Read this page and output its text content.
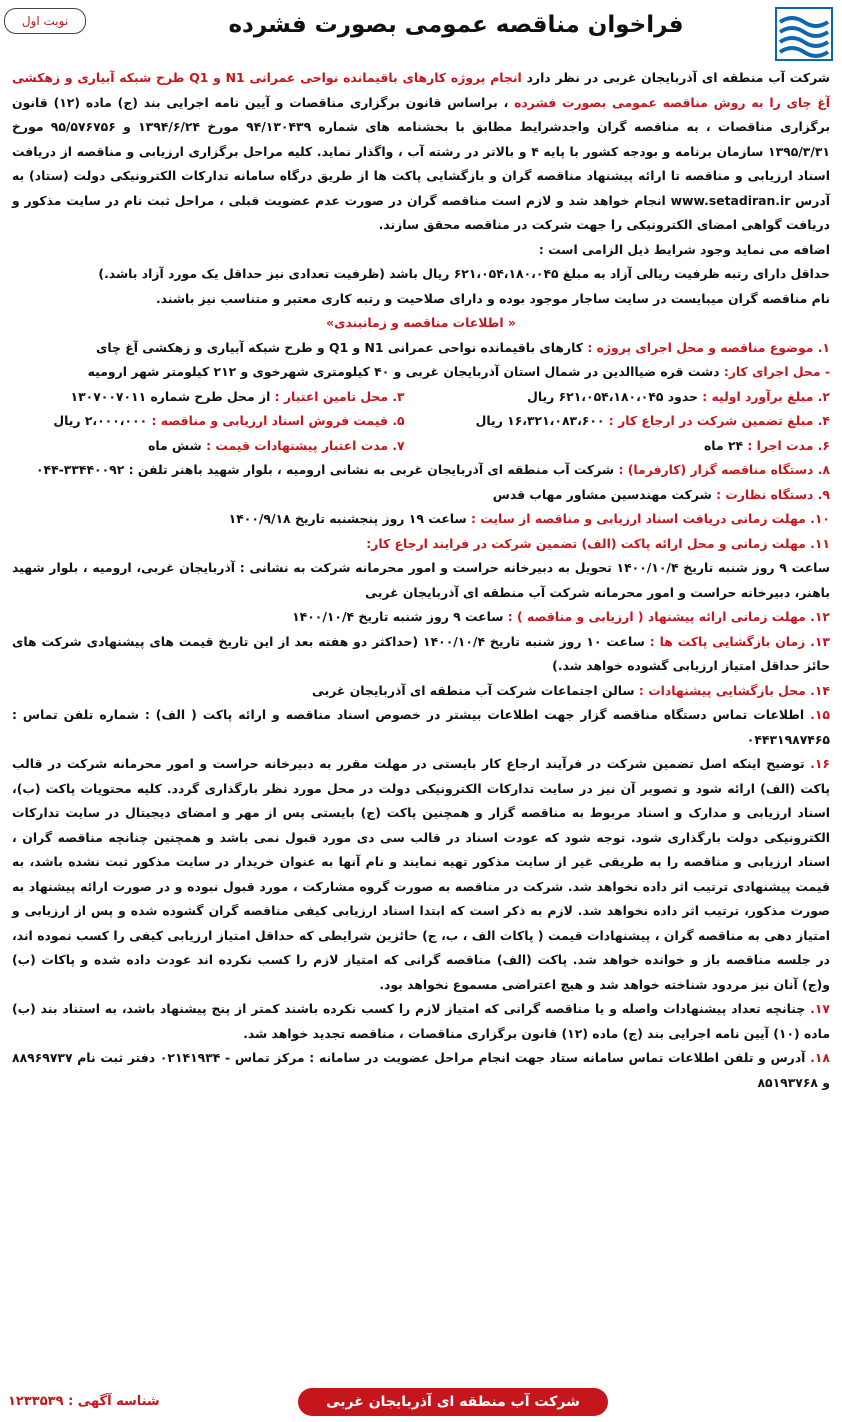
نوبت اول	فراخوان مناقصه عمومی بصورت فشرده

شرکت آب منطقه ای آذربایجان غربی در نظر دارد انجام پروژه کارهای باقیمانده نواحی عمرانی N1 و Q1 طرح شبکه آبیاری و زهکشی آغ چای را به روش مناقصه عمومی بصورت فشرده ، براساس قانون برگزاری مناقصات و آیین نامه اجرایی بند (ج) ماده (۱۲) قانون برگزاری مناقصات ، به مناقصه گران واجدشرایط مطابق با بخشنامه های شماره ۹۴/۱۳۰۴۳۹ مورخ ۱۳۹۴/۶/۲۴ و ۹۵/۵۷۶۷۵۶ مورخ ۱۳۹۵/۳/۳۱ سازمان برنامه و بودجه کشور با پایه ۴ و بالاتر در رشته آب ، واگذار نماید. کلیه مراحل برگزاری ارزیابی و مناقصه از دریافت اسناد ارزیابی و مناقصه تا ارائه پیشنهاد مناقصه گران و بازگشایی پاکت ها از طریق درگاه سامانه تدارکات الکترونیکی دولت (ستاد) به آدرس www.setadiran.ir انجام خواهد شد و لازم است مناقصه گران در صورت عدم عضویت قبلی ، مراحل ثبت نام در سایت مذکور و دریافت گواهی امضای الکترونیکی را جهت شرکت در مناقصه محقق سازند.

اضافه می نماید وجود شرایط ذیل الزامی است :

حداقل دارای رتبه ظرفیت ریالی آزاد به مبلغ ۶۲۱،۰۵۴،۱۸۰،۰۴۵ ریال باشد (ظرفیت تعدادی نیز حداقل یک مورد آزاد باشد.)

نام مناقصه گران میبایست در سایت ساجار موجود بوده و دارای صلاحیت و رتبه کاری معتبر و متناسب نیز باشند.

« اطلاعات مناقصه و زمانبندی»

۱. موضوع مناقصه و محل اجرای پروژه : کارهای باقیمانده نواحی عمرانی N1 و Q1 و طرح شبکه آبیاری و زهکشی آغ چای

- محل اجرای کار: دشت قره ضیاالدین در شمال استان آذربایجان غربی و ۴۰ کیلومتری شهرخوی و ۲۱۲ کیلومتر شهر ارومیه

۲. مبلغ برآورد اولیه : حدود ۶۲۱،۰۵۴،۱۸۰،۰۴۵ ریال
۳. محل تامین اعتبار : از محل طرح شماره ۱۳۰۷۰۰۷۰۱۱
۴. مبلغ تضمین شرکت در ارجاع کار : ۱۶،۳۲۱،۰۸۳،۶۰۰ ریال
۵. قیمت فروش اسناد ارزیابی و مناقصه : ۲،۰۰۰،۰۰۰ ریال
۶. مدت اجرا : ۲۴ ماه
۷. مدت اعتبار پیشنهادات قیمت : شش ماه

۸. دستگاه مناقصه گزار (کارفرما) : شرکت آب منطقه ای آذربایجان غربی به نشانی ارومیه ، بلوار شهید باهنر تلفن : ۳۳۴۴۰۰۹۲-۰۴۴

۹. دستگاه نظارت : شرکت مهندسین مشاور مهاب قدس

۱۰. مهلت زمانی دریافت اسناد ارزیابی و مناقصه از سایت : ساعت ۱۹ روز پنجشنبه تاریخ ۱۴۰۰/۹/۱۸

۱۱. مهلت زمانی و محل ارائه پاکت (الف) تضمین شرکت در فرایند ارجاع کار:

ساعت ۹ روز شنبه تاریخ ۱۴۰۰/۱۰/۴ تحویل به دبیرخانه حراست و امور محرمانه شرکت به نشانی : آذربایجان غربی، ارومیه ، بلوار شهید باهنر، دبیرخانه حراست و امور محرمانه شرکت آب منطقه ای آذربایجان غربی

۱۲. مهلت زمانی ارائه پیشنهاد ( ارزیابی و مناقصه ) : ساعت ۹ روز شنبه تاریخ ۱۴۰۰/۱۰/۴

۱۳. زمان بازگشایی پاکت ها : ساعت ۱۰ روز شنبه تاریخ ۱۴۰۰/۱۰/۴ (حداکثر دو هفته بعد از این تاریخ قیمت های پیشنهادی شرکت های حائز حداقل امتیاز ارزیابی گشوده خواهد شد.)

۱۴. محل بازگشایی پیشنهادات : سالن اجتماعات شرکت آب منطقه ای آذربایجان غربی

۱۵. اطلاعات تماس دستگاه مناقصه گزار جهت اطلاعات بیشتر در خصوص اسناد مناقصه و ارائه پاکت ( الف) : شماره تلفن تماس : ۰۴۴۳۱۹۸۷۴۶۵

۱۶. توضیح اینکه اصل تضمین شرکت در فرآیند ارجاع کار بایستی در مهلت مقرر به دبیرخانه حراست و امور محرمانه شرکت در قالب پاکت (الف) ارائه شود و تصویر آن نیز در سایت تدارکات الکترونیکی دولت در محل مورد نظر بارگذاری گردد. کلیه محتویات پاکت (ب)، اسناد ارزیابی و مدارک و اسناد مربوط به مناقصه گزار و همچنین پاکت (ج) بایستی پس از مهر و امضای دیجیتال در سایت تدارکات الکترونیکی دولت بارگذاری شود. توجه شود که عودت اسناد در قالب سی دی مورد قبول نمی باشد و همچنین چنانچه مناقصه گران ، اسناد ارزیابی و مناقصه را به طریقی غیر از سایت مذکور تهیه نمایند و نام آنها به عنوان خریدار در سایت مذکور ثبت نشده باشد، به قیمت پیشنهادی ترتیب اثر داده نخواهد شد. شرکت در مناقصه به صورت گروه مشارکت ، مورد قبول نبوده و در صورت ارائه پیشنهاد به صورت مذکور، ترتیب اثر داده نخواهد شد. لازم به ذکر است که ابتدا اسناد ارزیابی کیفی مناقصه گران گشوده شده و پس از ارزیابی و امتیاز دهی به مناقصه گران ، پیشنهادات قیمت ( پاکات الف ، ب، ج) حائزین شرایطی که حداقل امتیاز ارزیابی کیفی را کسب نموده اند، در جلسه مناقصه باز و خوانده خواهد شد. پاکت (الف) مناقصه گرانی که امتیاز لازم را کسب نکرده اند عودت داده شده و پاکات (ب) و(ج) آنان نیز مردود شناخته خواهد شد و هیچ اعتراضی مسموع نخواهد بود.

۱۷. چنانچه تعداد پیشنهادات واصله و یا مناقصه گرانی که امتیاز لازم را کسب نکرده باشند کمتر از پنج پیشنهاد باشد، به استناد بند (ب) ماده (۱۰) آیین نامه اجرایی بند (ج) ماده (۱۲) قانون برگزاری مناقصات ، مناقصه تجدید خواهد شد.

۱۸. آدرس و تلفن اطلاعات تماس سامانه ستاد جهت انجام مراحل عضویت در سامانه : مرکز تماس - ۰۲۱۴۱۹۳۴ دفتر ثبت نام ۸۸۹۶۹۷۳۷ و ۸۵۱۹۳۷۶۸

شناسه آگهی : ۱۲۳۳۵۳۹	شرکت آب منطقه ای آذربایجان غربی
